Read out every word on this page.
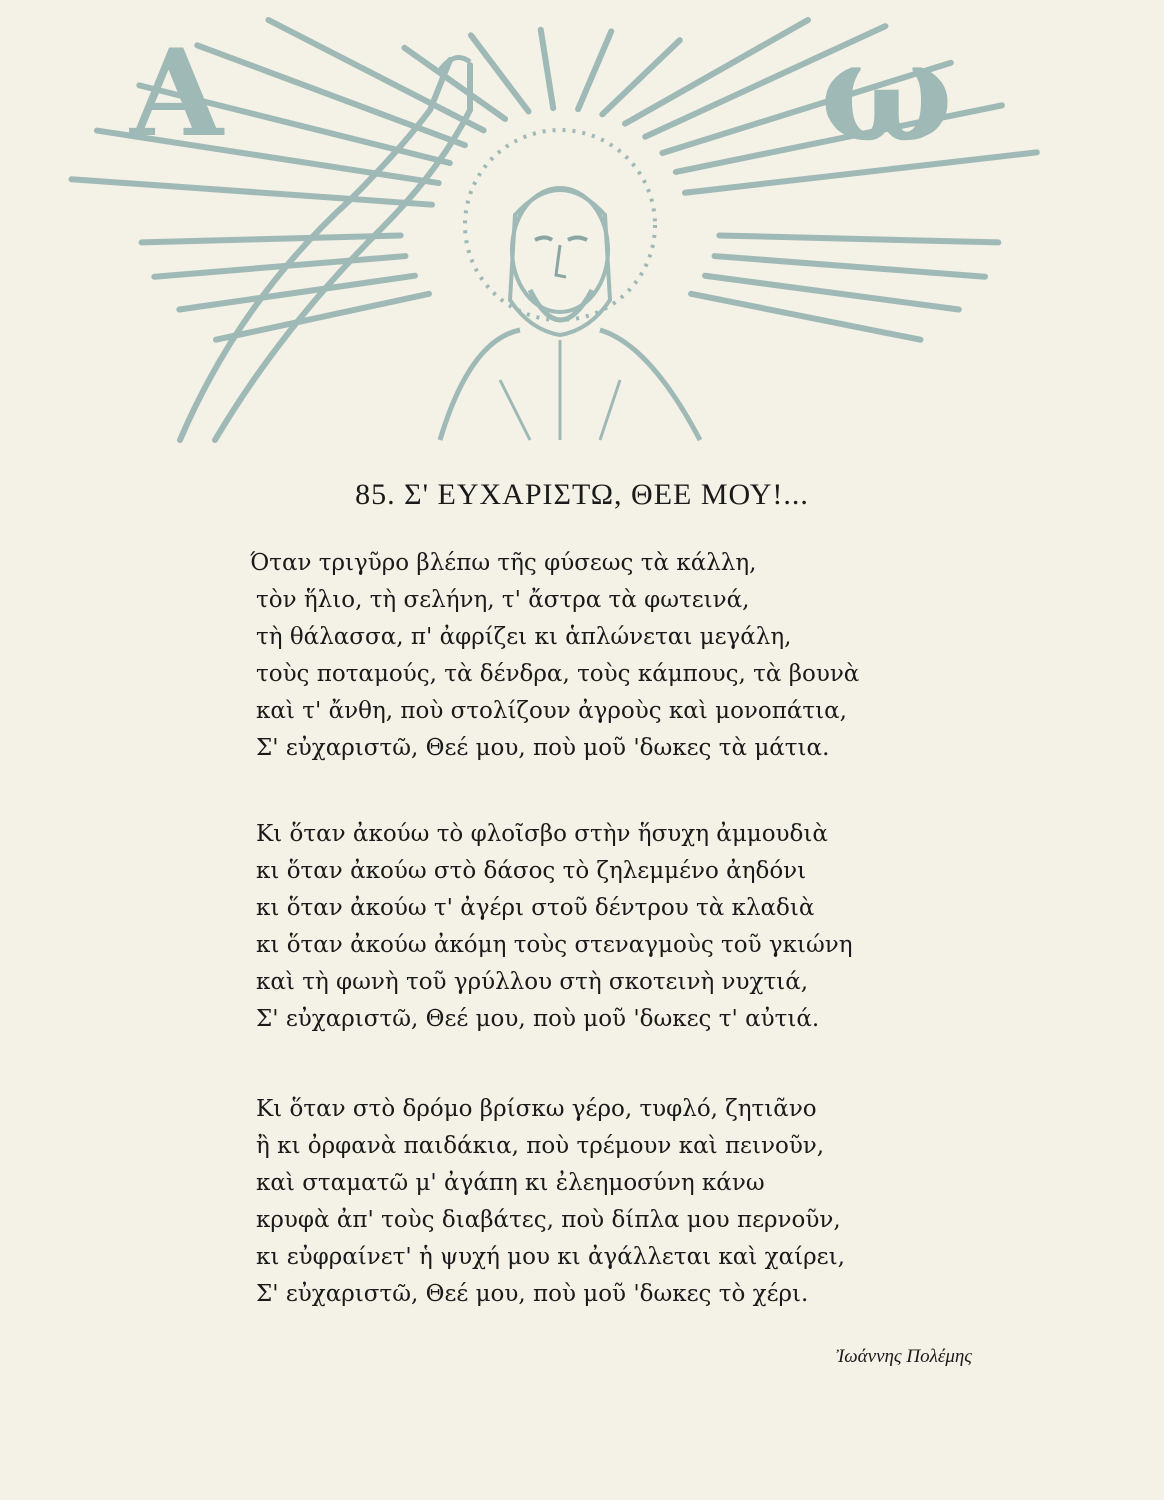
A	ω
85. Σ' ΕΥΧΑΡΙΣΤΩ, ΘΕΕ ΜΟΥ!...
Όταν τριγῦρο βλέπω τῆς φύσεως τὰ κάλλη,
τὸν ἥλιο, τὴ σελήνη, τ' ἄστρα τὰ φωτεινά,
τὴ θάλασσα, π' ἀφρίζει κι ἁπλώνεται μεγάλη,
τοὺς ποταμούς, τὰ δένδρα, τοὺς κάμπους, τὰ βουνὰ
καὶ τ' ἄνθη, ποὺ στολίζουν ἀγροὺς καὶ μονοπάτια,
Σ' εὐχαριστῶ, Θεέ μου, ποὺ μοῦ 'δωκες τὰ μάτια.
Κι ὅταν ἀκούω τὸ φλοῖσβο στὴν ἥσυχη ἀμμουδιὰ
κι ὅταν ἀκούω στὸ δάσος τὸ ζηλεμμένο ἀηδόνι
κι ὅταν ἀκούω τ' ἀγέρι στοῦ δέντρου τὰ κλαδιὰ
κι ὅταν ἀκούω ἀκόμη τοὺς στεναγμοὺς τοῦ γκιώνη
καὶ τὴ φωνὴ τοῦ γρύλλου στὴ σκοτεινὴ νυχτιά,
Σ' εὐχαριστῶ, Θεέ μου, ποὺ μοῦ 'δωκες τ' αὐτιά.
Κι ὅταν στὸ δρόμο βρίσκω γέρο, τυφλό, ζητιᾶνο
ἢ κι ὀρφανὰ παιδάκια, ποὺ τρέμουν καὶ πεινοῦν,
καὶ σταματῶ μ' ἀγάπη κι ἐλεημοσύνη κάνω
κρυφὰ ἀπ' τοὺς διαβάτες, ποὺ δίπλα μου περνοῦν,
κι εὐφραίνετ' ἡ ψυχή μου κι ἀγάλλεται καὶ χαίρει,
Σ' εὐχαριστῶ, Θεέ μου, ποὺ μοῦ 'δωκες τὸ χέρι.
Ἰωάννης Πολέμης
